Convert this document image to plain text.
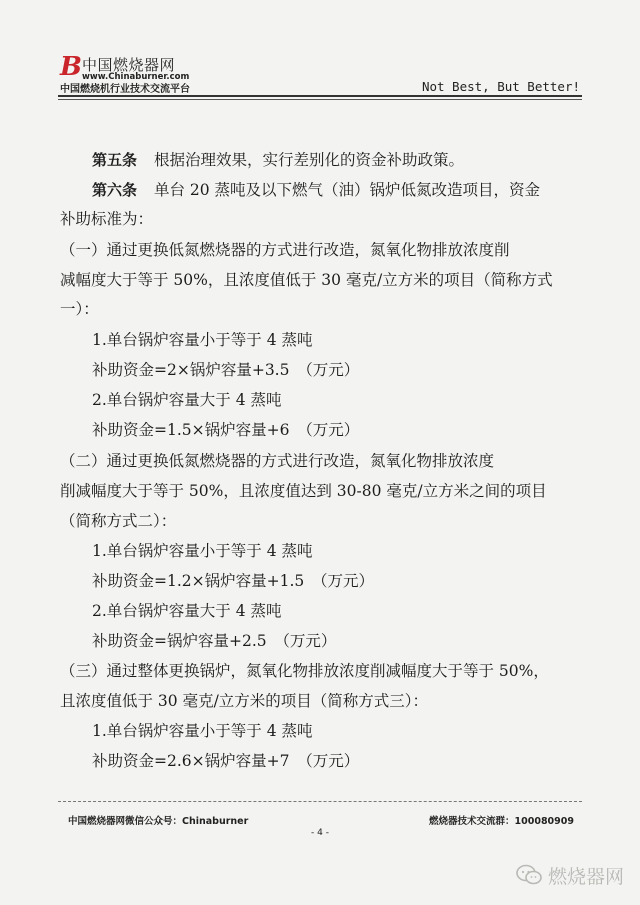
B 中国燃烧器网
www.Chinaburner.com
中国燃烧机行业技术交流平台	Not Best, But Better!
第五条 根据治理效果，实行差别化的资金补助政策。
第六条 单台 20 蒸吨及以下燃气（油）锅炉低氮改造项目，资金
补助标准为：
（一）通过更换低氮燃烧器的方式进行改造，氮氧化物排放浓度削
减幅度大于等于 50%，且浓度值低于 30 毫克/立方米的项目（简称方式
一）：
1.单台锅炉容量小于等于 4 蒸吨
补助资金=2×锅炉容量+3.5　（万元）
2.单台锅炉容量大于 4 蒸吨
补助资金=1.5×锅炉容量+6　（万元）
（二）通过更换低氮燃烧器的方式进行改造，氮氧化物排放浓度
削减幅度大于等于 50%，且浓度值达到 30-80 毫克/立方米之间的项目
（简称方式二）：
1.单台锅炉容量小于等于 4 蒸吨
补助资金=1.2×锅炉容量+1.5　（万元）
2.单台锅炉容量大于 4 蒸吨
补助资金=锅炉容量+2.5　（万元）
（三）通过整体更换锅炉，氮氧化物排放浓度削减幅度大于等于 50%，
且浓度值低于 30 毫克/立方米的项目（简称方式三）：
1.单台锅炉容量小于等于 4 蒸吨
补助资金=2.6×锅炉容量+7　（万元）
中国燃烧器网微信公众号：Chinaburner	燃烧器技术交流群：100080909
- 4 -
燃烧器网
